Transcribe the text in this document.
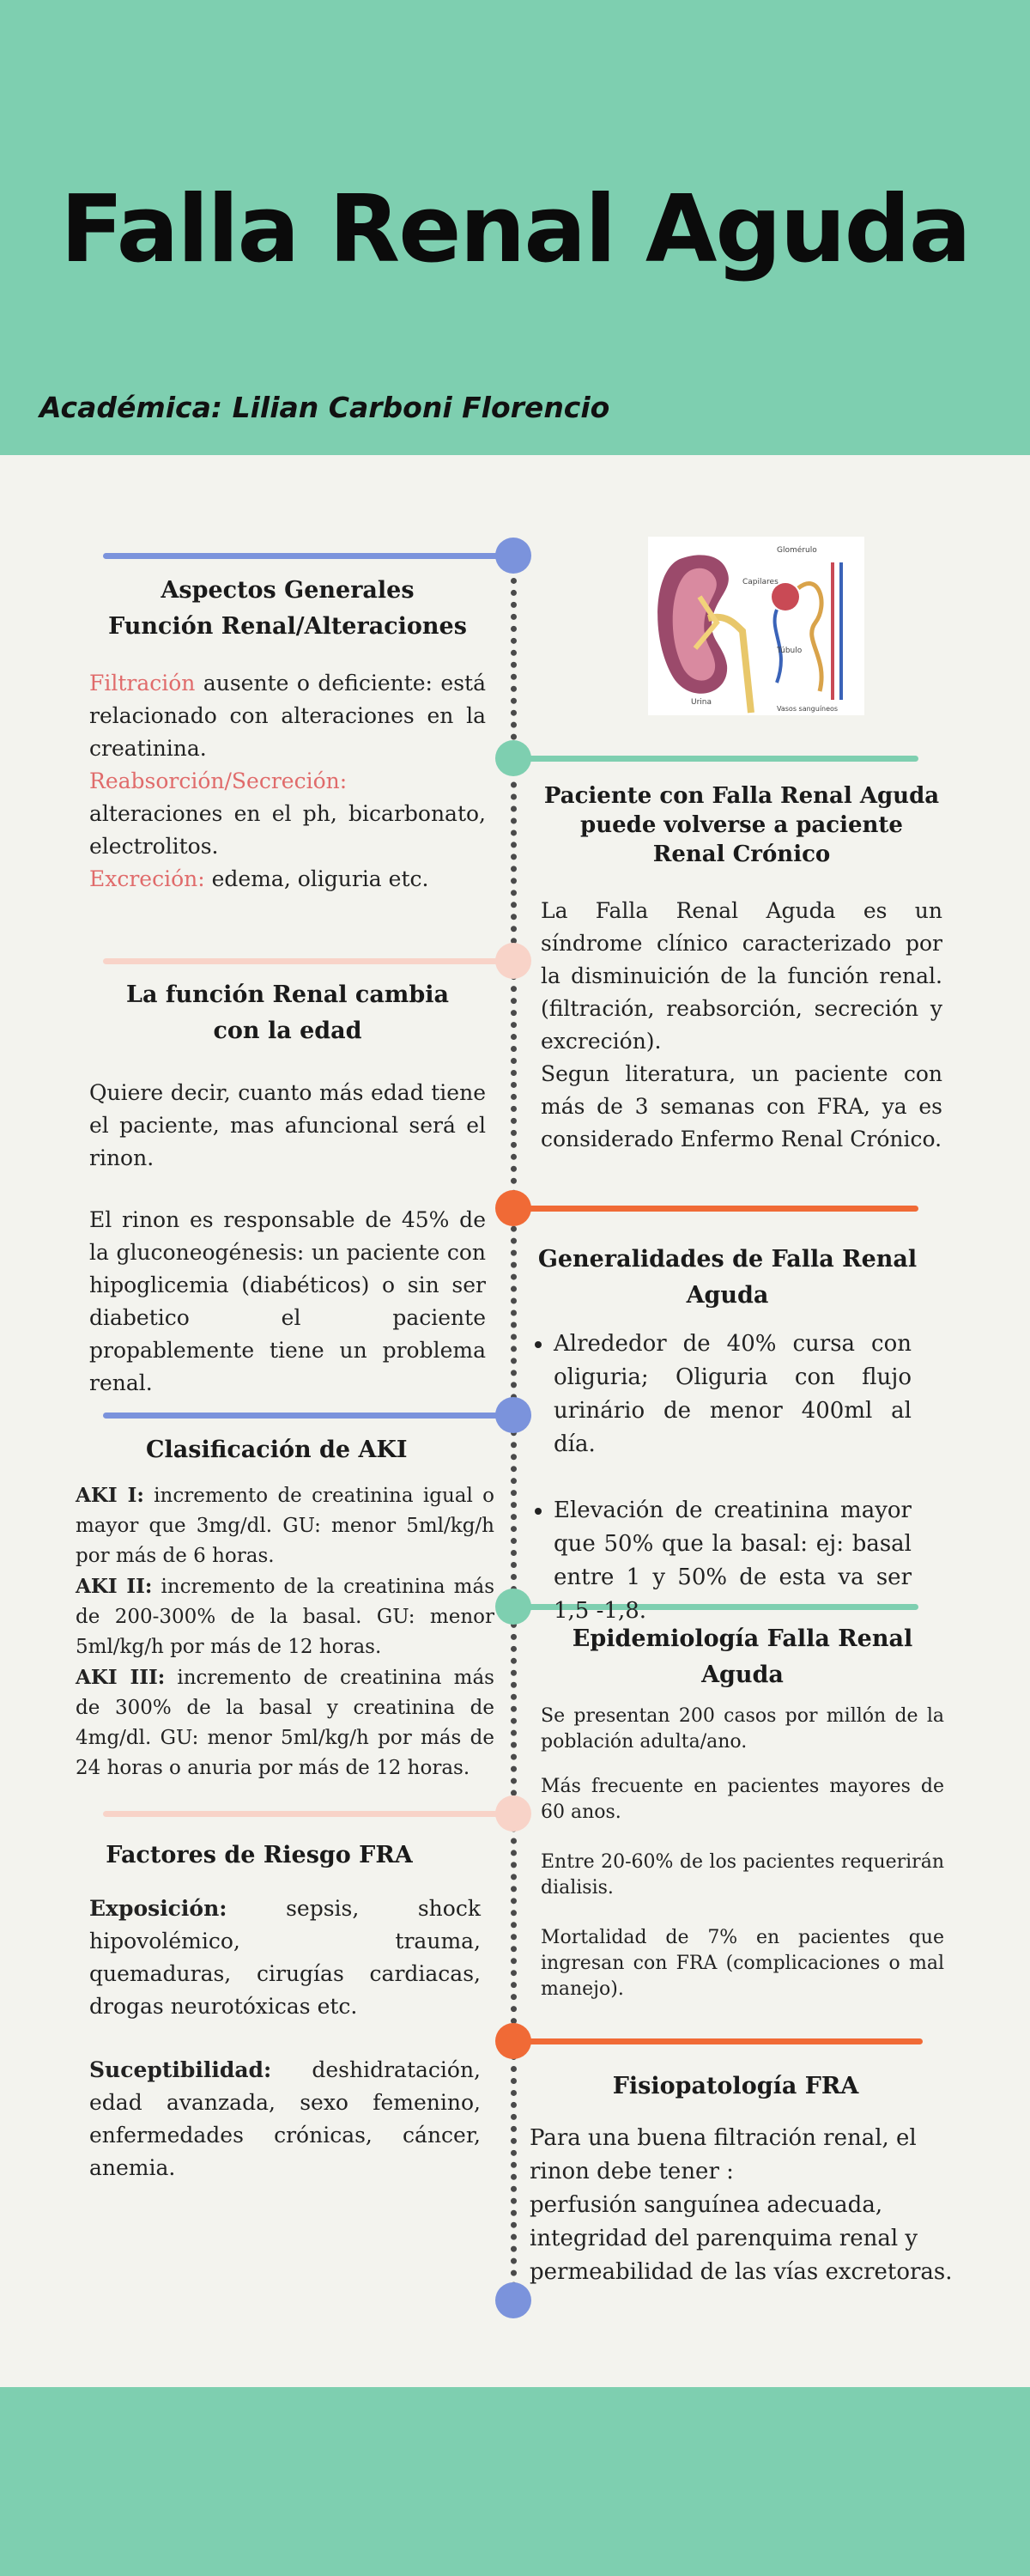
Falla Renal Aguda
Académica: Lilian Carboni Florencio
Glomérulo
Capilares
Túbulo
Urina
Vasos sanguíneos
Aspectos Generales
Función Renal/Alteraciones
Filtración ausente o deficiente: está relacionado con alteraciones en la creatinina.
Reabsorción/Secreción: alteraciones en el ph, bicarbonato, electrolitos.
Excreción: edema, oliguria etc.
Paciente con Falla Renal Aguda puede volverse a paciente Renal Crónico
La Falla Renal Aguda es un síndrome clínico caracterizado por la disminuición de la función renal. (filtración, reabsorción, secreción y excreción).
Segun literatura, un paciente con más de 3 semanas con FRA, ya es considerado Enfermo Renal Crónico.
La función Renal cambia con la edad
Quiere decir, cuanto más edad tiene el paciente, mas afuncional será el rinon.
El rinon es responsable de 45% de la gluconeogénesis: un paciente con hipoglicemia (diabéticos) o sin ser diabetico el paciente propablemente tiene un problema renal.
Generalidades de Falla Renal Aguda
• Alrededor de 40% cursa con oliguria; Oliguria con flujo urinário de menor 400ml al día.
• Elevación de creatinina mayor que 50% que la basal: ej: basal entre 1 y 50% de esta va ser 1,5 -1,8.
Clasificación de AKI
AKI I: incremento de creatinina igual o mayor que 3mg/dl. GU: menor 5ml/kg/h por más de 6 horas.
AKI II: incremento de la creatinina más de 200-300% de la basal. GU: menor 5ml/kg/h por más de 12 horas.
AKI III: incremento de creatinina más de 300% de la basal y creatinina de 4mg/dl. GU: menor 5ml/kg/h por más de 24 horas o anuria por más de 12 horas.
Epidemiología Falla Renal Aguda
Se presentan 200 casos por millón de la población adulta/ano.
Más frecuente en pacientes mayores de 60 anos.
Entre 20-60% de los pacientes requerirán dialisis.
Mortalidad de 7% en pacientes que ingresan con FRA (complicaciones o mal manejo).
Factores de Riesgo FRA
Exposición: sepsis, shock hipovolémico, trauma, quemaduras, cirugías cardiacas, drogas neurotóxicas etc.
Suceptibilidad: deshidratación, edad avanzada, sexo femenino, enfermedades crónicas, cáncer, anemia.
Fisiopatología FRA
Para una buena filtración renal, el rinon debe tener :
perfusión sanguínea adecuada, integridad del parenquima renal y permeabilidad de las vías excretoras.
